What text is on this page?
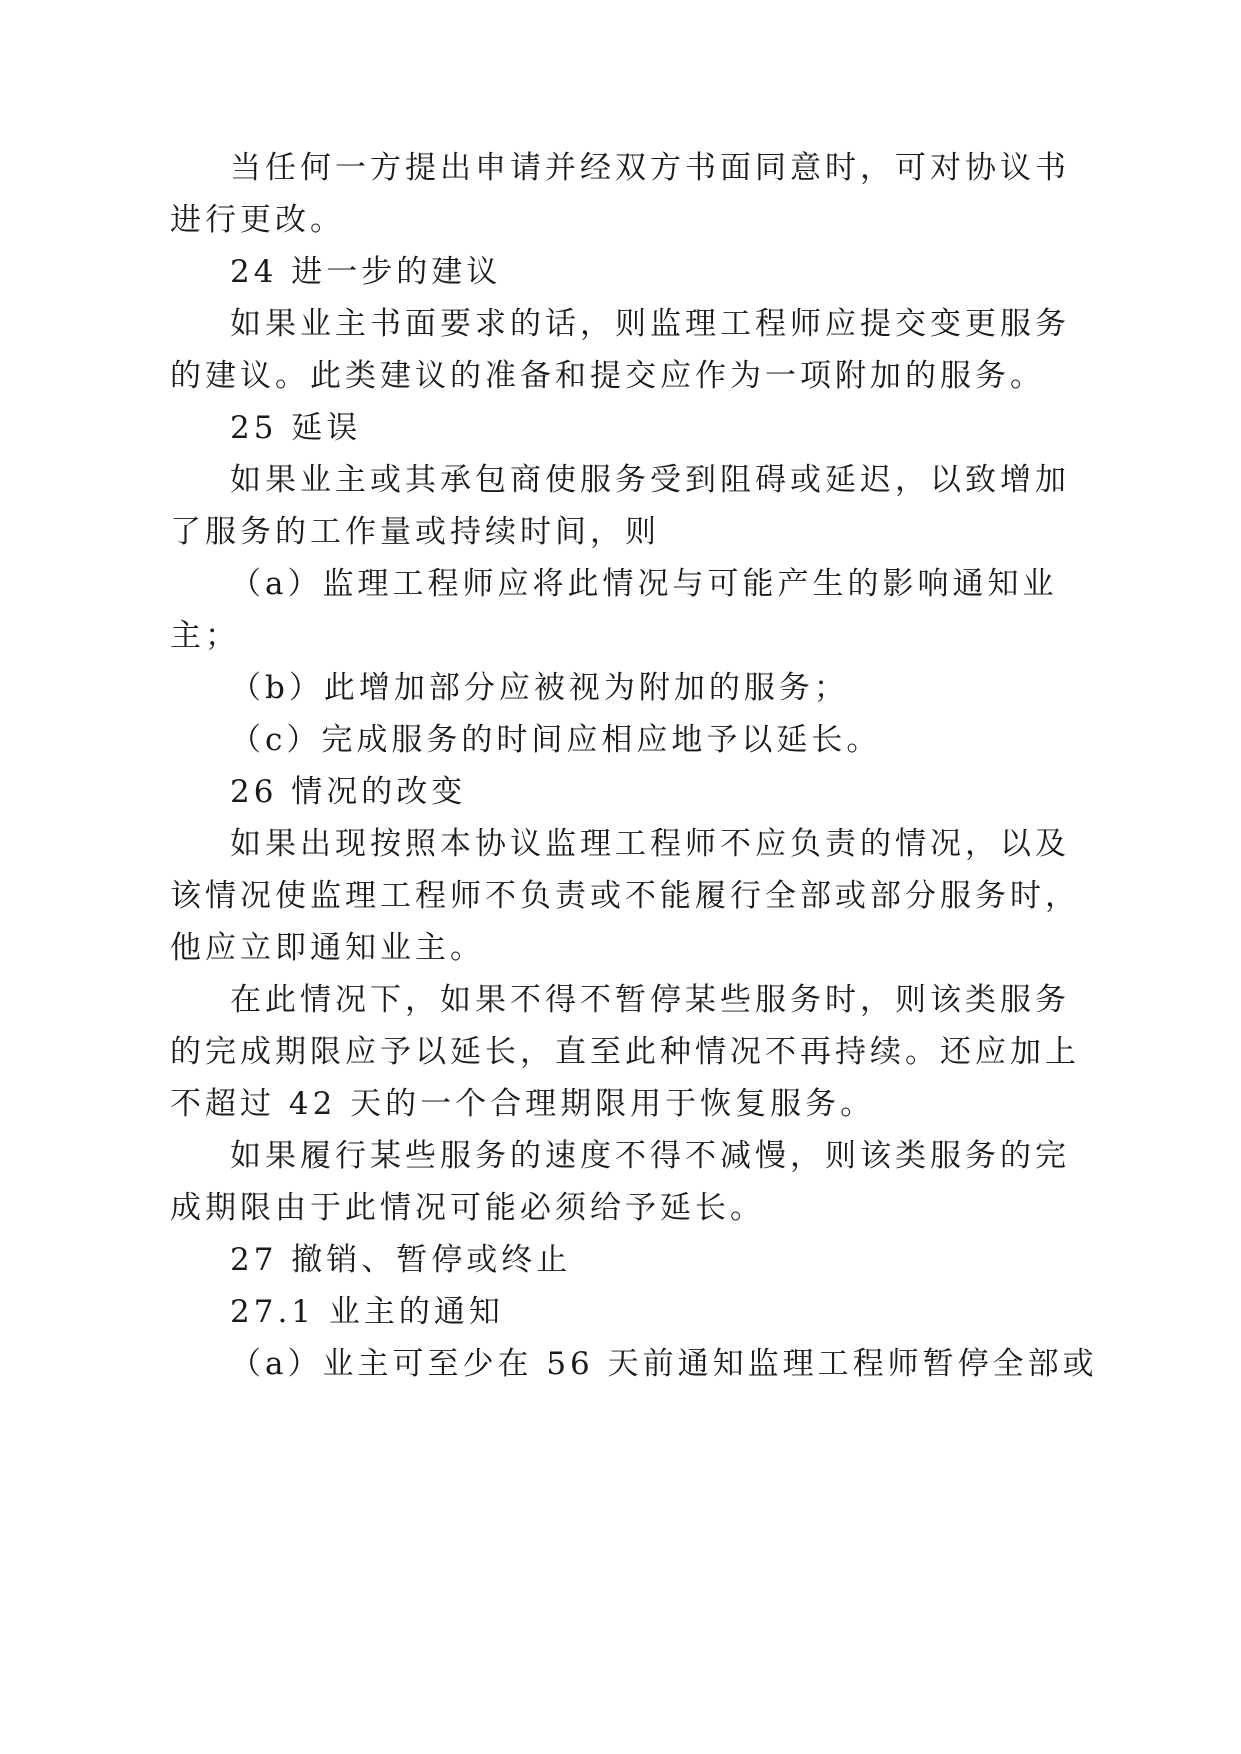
当任何一方提出申请并经双方书面同意时，可对协议书
进行更改。
24 进一步的建议
如果业主书面要求的话，则监理工程师应提交变更服务
的建议。此类建议的准备和提交应作为一项附加的服务。
25 延误
如果业主或其承包商使服务受到阻碍或延迟，以致增加
了服务的工作量或持续时间，则
（a）监理工程师应将此情况与可能产生的影响通知业
主；
（b）此增加部分应被视为附加的服务；
（c）完成服务的时间应相应地予以延长。
26 情况的改变
如果出现按照本协议监理工程师不应负责的情况，以及
该情况使监理工程师不负责或不能履行全部或部分服务时，
他应立即通知业主。
在此情况下，如果不得不暂停某些服务时，则该类服务
的完成期限应予以延长，直至此种情况不再持续。还应加上
不超过 42 天的一个合理期限用于恢复服务。
如果履行某些服务的速度不得不减慢，则该类服务的完
成期限由于此情况可能必须给予延长。
27 撤销、暂停或终止
27.1 业主的通知
（a）业主可至少在 56 天前通知监理工程师暂停全部或
